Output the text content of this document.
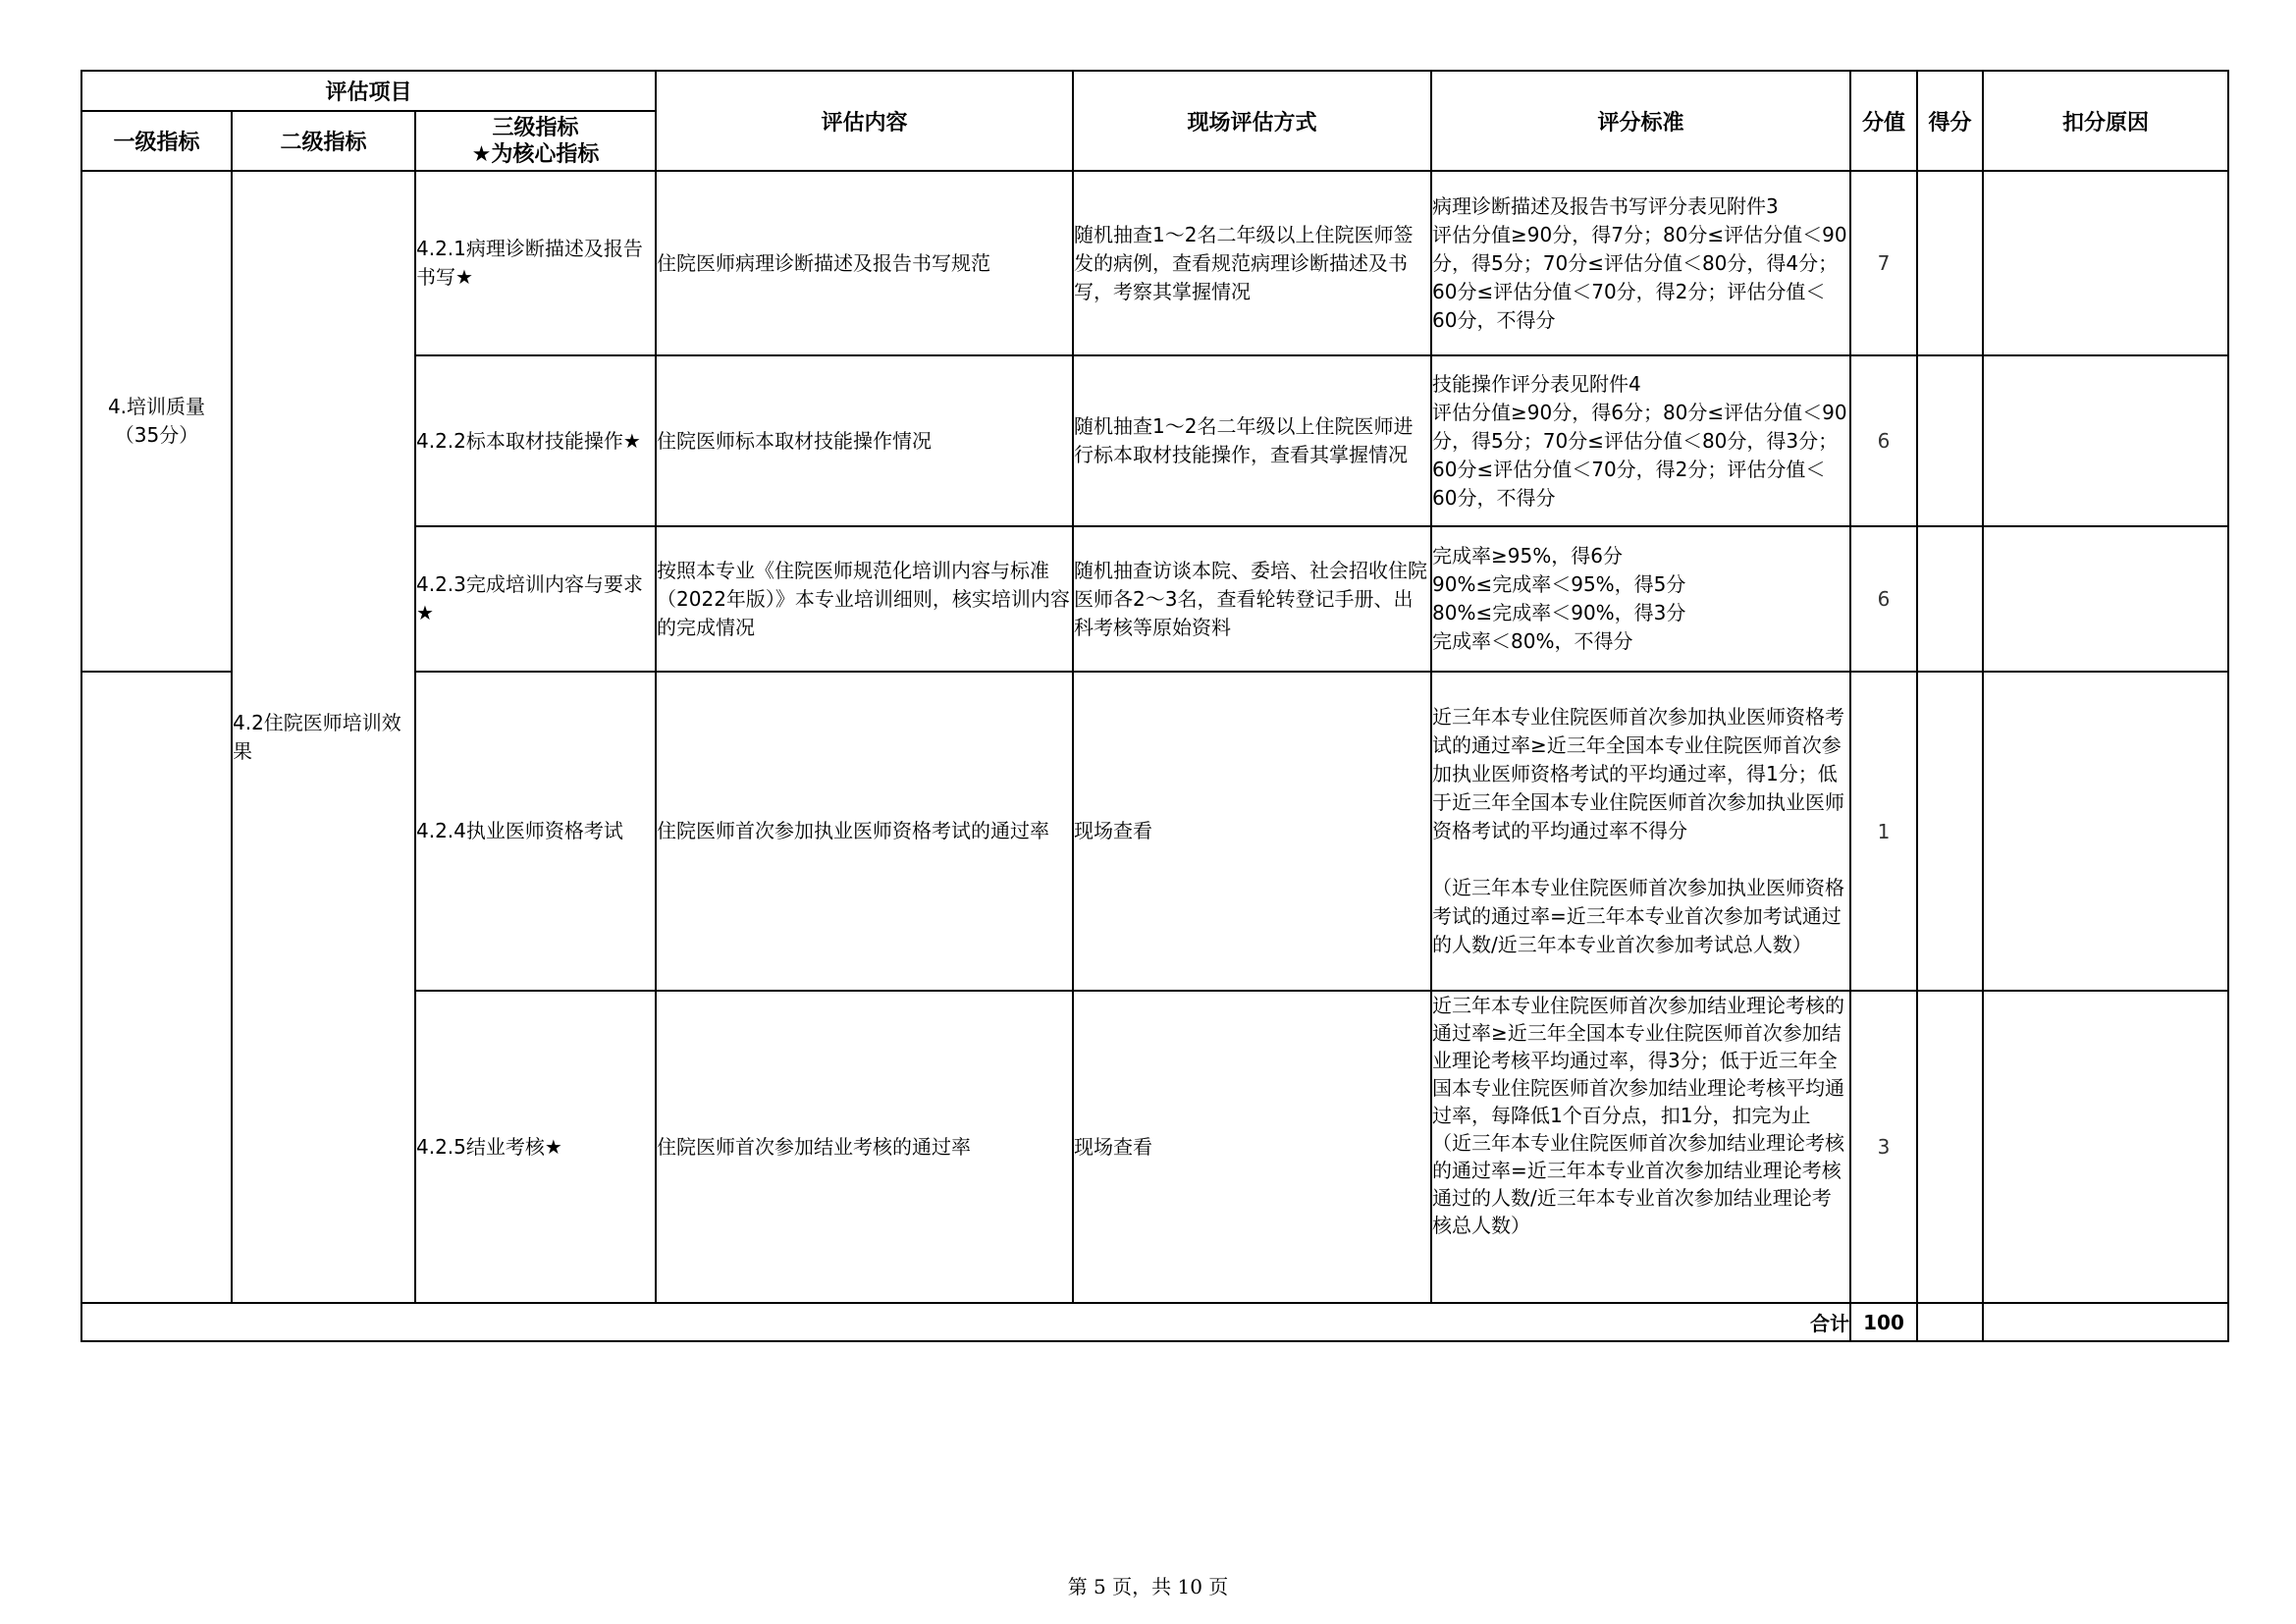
评估项目			评估内容	现场评估方式	评分标准	分值	得分	扣分原因
一级指标	二级指标	三级指标
★为核心指标						
4.培训质量
（35分）	4.2住院医师培训效果	4.2.1病理诊断描述及报告书写★	住院医师病理诊断描述及报告书写规范	随机抽查1～2名二年级以上住院医师签发的病例，查看规范病理诊断描述及书写，考察其掌握情况	病理诊断描述及报告书写评分表见附件3
评估分值≥90分，得7分；80分≤评估分值＜90分，得5分；70分≤评估分值＜80分，得4分；60分≤评估分值＜70分，得2分；评估分值＜60分，不得分	7		
		4.2.2标本取材技能操作★	住院医师标本取材技能操作情况	随机抽查1～2名二年级以上住院医师进行标本取材技能操作，查看其掌握情况	技能操作评分表见附件4
评估分值≥90分，得6分；80分≤评估分值＜90分，得5分；70分≤评估分值＜80分，得3分；60分≤评估分值＜70分，得2分；评估分值＜60分，不得分	6		
		4.2.3完成培训内容与要求★	按照本专业《住院医师规范化培训内容与标准（2022年版）》本专业培训细则，核实培训内容的完成情况	随机抽查访谈本院、委培、社会招收住院医师各2～3名，查看轮转登记手册、出科考核等原始资料	完成率≥95%，得6分
90%≤完成率＜95%，得5分
80%≤完成率＜90%，得3分
完成率＜80%，不得分	6		
		4.2.4执业医师资格考试	住院医师首次参加执业医师资格考试的通过率	现场查看	近三年本专业住院医师首次参加执业医师资格考试的通过率≥近三年全国本专业住院医师首次参加执业医师资格考试的平均通过率，得1分；低于近三年全国本专业住院医师首次参加执业医师资格考试的平均通过率不得分

（近三年本专业住院医师首次参加执业医师资格考试的通过率=近三年本专业首次参加考试通过的人数/近三年本专业首次参加考试总人数）	1		
		4.2.5结业考核★	住院医师首次参加结业考核的通过率	现场查看	近三年本专业住院医师首次参加结业理论考核的通过率≥近三年全国本专业住院医师首次参加结业理论考核平均通过率，得3分；低于近三年全国本专业住院医师首次参加结业理论考核平均通过率，每降低1个百分点，扣1分，扣完为止
（近三年本专业住院医师首次参加结业理论考核的通过率=近三年本专业首次参加结业理论考核通过的人数/近三年本专业首次参加结业理论考核总人数）	3		
合计						100		
第 5 页，共 10 页
